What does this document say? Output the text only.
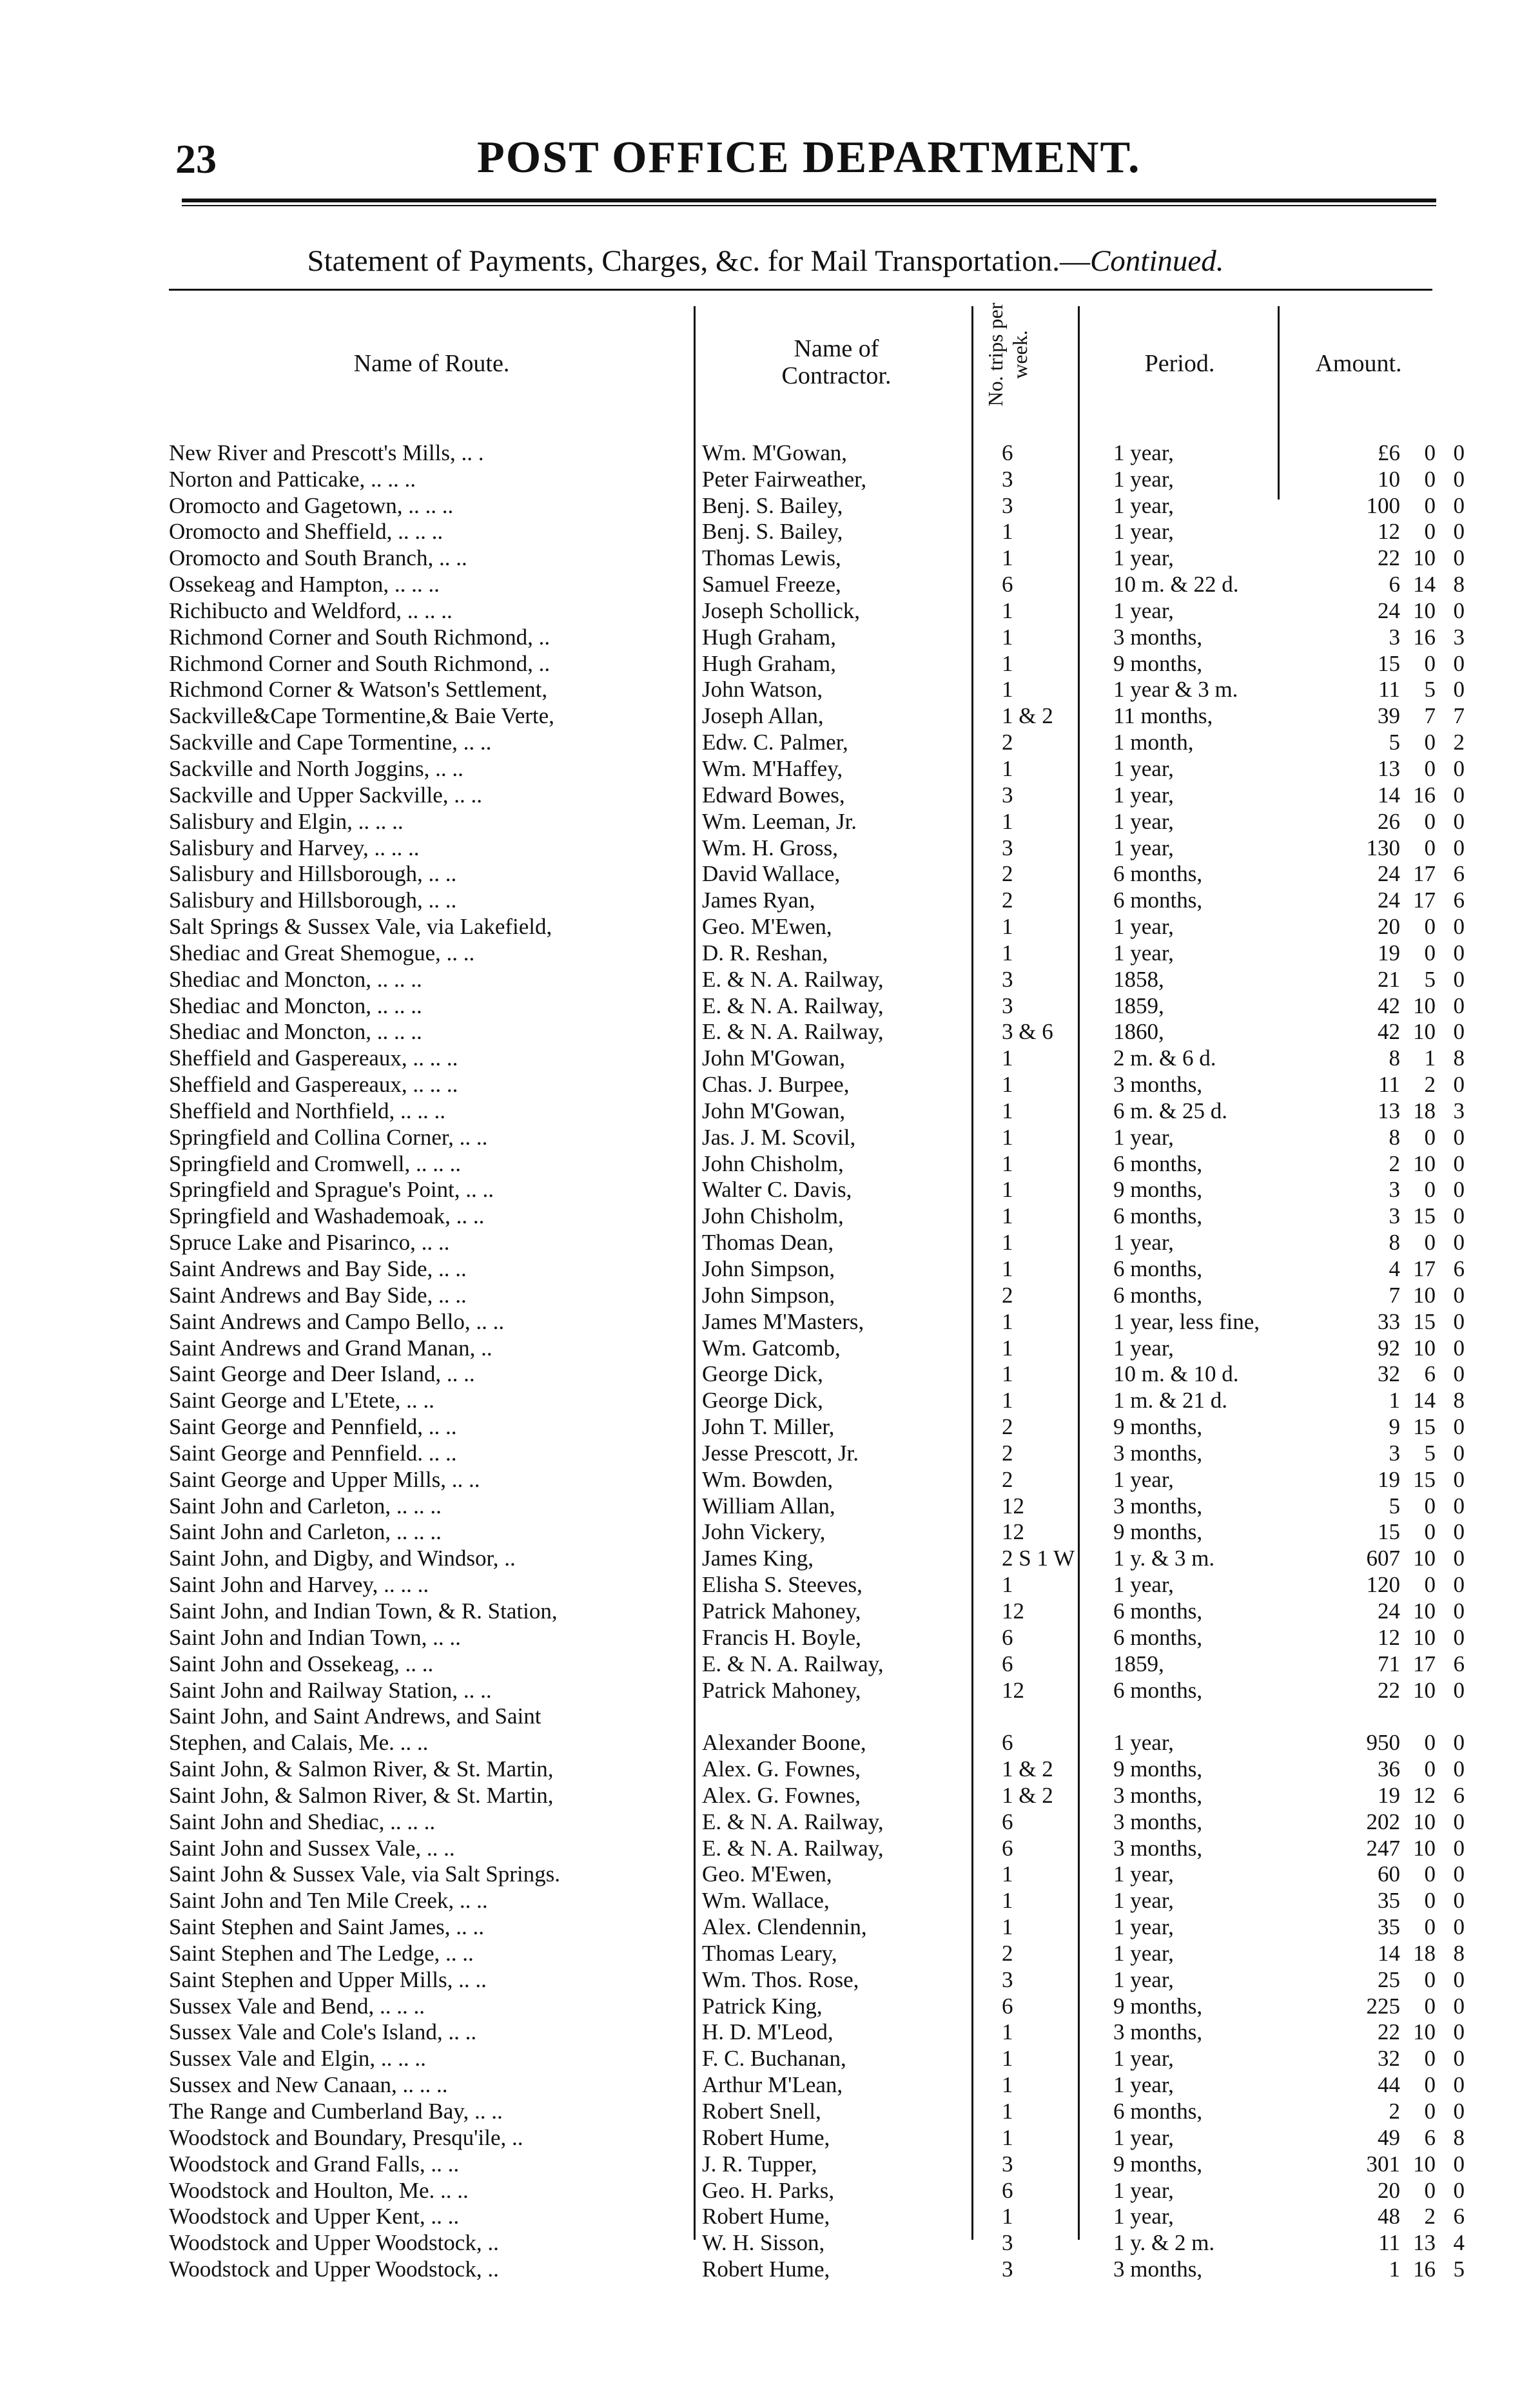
23	POST OFFICE DEPARTMENT.
Statement of Payments, Charges, &c. for Mail Transportation.—Continued.
Name of Route.
Name of
Contractor.	No. trips per week.	Period.	Amount.
New River and Prescott's Mills, .. .	Wm. M'Gowan,	6	1 year,	£6 0 0

Norton and Patticake, .. .. ..	Peter Fairweather,	3	1 year,	10 0 0

Oromocto and Gagetown, .. .. ..	Benj. S. Bailey,	3	1 year,	100 0 0

Oromocto and Sheffield, .. .. ..	Benj. S. Bailey,	1	1 year,	12 0 0

Oromocto and South Branch, .. ..	Thomas Lewis,	1	1 year,	22 10 0

Ossekeag and Hampton, .. .. ..	Samuel Freeze,	6	10 m. & 22 d.	6 14 8

Richibucto and Weldford, .. .. ..	Joseph Schollick,	1	1 year,	24 10 0

Richmond Corner and South Richmond, ..	Hugh Graham,	1	3 months,	3 16 3

Richmond Corner and South Richmond, ..	Hugh Graham,	1	9 months,	15 0 0

Richmond Corner & Watson's Settlement,	John Watson,	1	1 year & 3 m.	11 5 0

Sackville&Cape Tormentine,& Baie Verte,	Joseph Allan,	1 & 2	11 months,	39 7 7

Sackville and Cape Tormentine, .. ..	Edw. C. Palmer,	2	1 month,	5 0 2

Sackville and North Joggins, .. ..	Wm. M'Haffey,	1	1 year,	13 0 0

Sackville and Upper Sackville, .. ..	Edward Bowes,	3	1 year,	14 16 0

Salisbury and Elgin, .. .. ..	Wm. Leeman, Jr.	1	1 year,	26 0 0

Salisbury and Harvey, .. .. ..	Wm. H. Gross,	3	1 year,	130 0 0

Salisbury and Hillsborough, .. ..	David Wallace,	2	6 months,	24 17 6

Salisbury and Hillsborough, .. ..	James Ryan,	2	6 months,	24 17 6

Salt Springs & Sussex Vale, via Lakefield,	Geo. M'Ewen,	1	1 year,	20 0 0

Shediac and Great Shemogue, .. ..	D. R. Reshan,	1	1 year,	19 0 0

Shediac and Moncton, .. .. ..	E. & N. A. Railway,	3	1858,	21 5 0

Shediac and Moncton, .. .. ..	E. & N. A. Railway,	3	1859,	42 10 0

Shediac and Moncton, .. .. ..	E. & N. A. Railway,	3 & 6	1860,	42 10 0

Sheffield and Gaspereaux, .. .. ..	John M'Gowan,	1	2 m. & 6 d.	8 1 8

Sheffield and Gaspereaux, .. .. ..	Chas. J. Burpee,	1	3 months,	11 2 0

Sheffield and Northfield, .. .. ..	John M'Gowan,	1	6 m. & 25 d.	13 18 3

Springfield and Collina Corner, .. ..	Jas. J. M. Scovil,	1	1 year,	8 0 0

Springfield and Cromwell, .. .. ..	John Chisholm,	1	6 months,	2 10 0

Springfield and Sprague's Point, .. ..	Walter C. Davis,	1	9 months,	3 0 0

Springfield and Washademoak, .. ..	John Chisholm,	1	6 months,	3 15 0

Spruce Lake and Pisarinco, .. ..	Thomas Dean,	1	1 year,	8 0 0

Saint Andrews and Bay Side, .. ..	John Simpson,	1	6 months,	4 17 6

Saint Andrews and Bay Side, .. ..	John Simpson,	2	6 months,	7 10 0

Saint Andrews and Campo Bello, .. ..	James M'Masters,	1	1 year, less fine,	33 15 0

Saint Andrews and Grand Manan, ..	Wm. Gatcomb,	1	1 year,	92 10 0

Saint George and Deer Island, .. ..	George Dick,	1	10 m. & 10 d.	32 6 0

Saint George and L'Etete, .. ..	George Dick,	1	1 m. & 21 d.	1 14 8

Saint George and Pennfield, .. ..	John T. Miller,	2	9 months,	9 15 0

Saint George and Pennfield. .. ..	Jesse Prescott, Jr.	2	3 months,	3 5 0

Saint George and Upper Mills, .. ..	Wm. Bowden,	2	1 year,	19 15 0

Saint John and Carleton, .. .. ..	William Allan,	12	3 months,	5 0 0

Saint John and Carleton, .. .. ..	John Vickery,	12	9 months,	15 0 0

Saint John, and Digby, and Windsor, ..	James King,	2 S 1 W	1 y. & 3 m.	607 10 0

Saint John and Harvey, .. .. ..	Elisha S. Steeves,	1	1 year,	120 0 0

Saint John, and Indian Town, & R. Station,	Patrick Mahoney,	12	6 months,	24 10 0

Saint John and Indian Town, .. ..	Francis H. Boyle,	6	6 months,	12 10 0

Saint John and Ossekeag, .. ..	E. & N. A. Railway,	6	1859,	71 17 6

Saint John and Railway Station, .. ..	Patrick Mahoney,	12	6 months,	22 10 0

Saint John, and Saint Andrews, and Saint				

Stephen, and Calais, Me. .. ..	Alexander Boone,	6	1 year,	950 0 0

Saint John, & Salmon River, & St. Martin,	Alex. G. Fownes,	1 & 2	9 months,	36 0 0

Saint John, & Salmon River, & St. Martin,	Alex. G. Fownes,	1 & 2	3 months,	19 12 6

Saint John and Shediac, .. .. ..	E. & N. A. Railway,	6	3 months,	202 10 0

Saint John and Sussex Vale, .. ..	E. & N. A. Railway,	6	3 months,	247 10 0

Saint John & Sussex Vale, via Salt Springs.	Geo. M'Ewen,	1	1 year,	60 0 0

Saint John and Ten Mile Creek, .. ..	Wm. Wallace,	1	1 year,	35 0 0

Saint Stephen and Saint James, .. ..	Alex. Clendennin,	1	1 year,	35 0 0

Saint Stephen and The Ledge, .. ..	Thomas Leary,	2	1 year,	14 18 8

Saint Stephen and Upper Mills, .. ..	Wm. Thos. Rose,	3	1 year,	25 0 0

Sussex Vale and Bend, .. .. ..	Patrick King,	6	9 months,	225 0 0

Sussex Vale and Cole's Island, .. ..	H. D. M'Leod,	1	3 months,	22 10 0

Sussex Vale and Elgin, .. .. ..	F. C. Buchanan,	1	1 year,	32 0 0

Sussex and New Canaan, .. .. ..	Arthur M'Lean,	1	1 year,	44 0 0

The Range and Cumberland Bay, .. ..	Robert Snell,	1	6 months,	2 0 0

Woodstock and Boundary, Presqu'ile, ..	Robert Hume,	1	1 year,	49 6 8

Woodstock and Grand Falls, .. ..	J. R. Tupper,	3	9 months,	301 10 0

Woodstock and Houlton, Me. .. ..	Geo. H. Parks,	6	1 year,	20 0 0

Woodstock and Upper Kent, .. ..	Robert Hume,	1	1 year,	48 2 6

Woodstock and Upper Woodstock, ..	W. H. Sisson,	3	1 y. & 2 m.	11 13 4

Woodstock and Upper Woodstock, ..	Robert Hume,	3	3 months,	1 16 5
